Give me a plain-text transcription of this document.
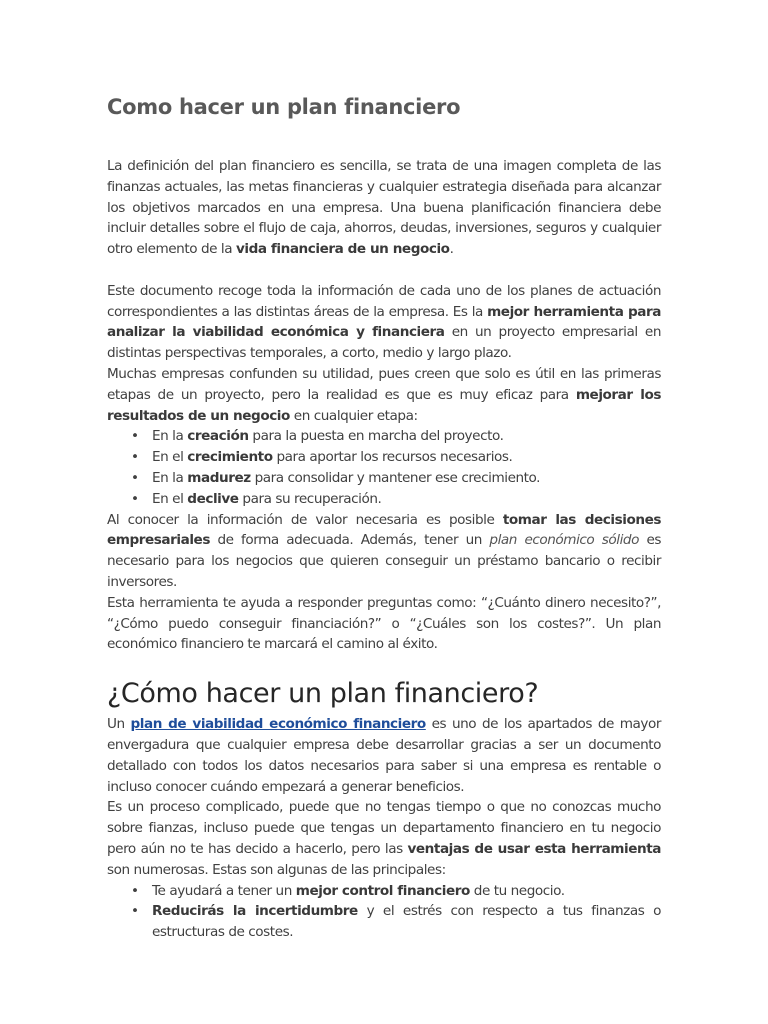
Como hacer un plan financiero

La definición del plan financiero es sencilla, se trata de una imagen completa de las finanzas actuales, las metas financieras y cualquier estrategia diseñada para alcanzar los objetivos marcados en una empresa. Una buena planificación financiera debe incluir detalles sobre el flujo de caja, ahorros, deudas, inversiones, seguros y cualquier otro elemento de la vida financiera de un negocio.

Este documento recoge toda la información de cada uno de los planes de actuación correspondientes a las distintas áreas de la empresa. Es la mejor herramienta para analizar la viabilidad económica y financiera en un proyecto empresarial en distintas perspectivas temporales, a corto, medio y largo plazo.

Muchas empresas confunden su utilidad, pues creen que solo es útil en las primeras etapas de un proyecto, pero la realidad es que es muy eficaz para mejorar los resultados de un negocio en cualquier etapa:

• En la creación para la puesta en marcha del proyecto.
• En el crecimiento para aportar los recursos necesarios.
• En la madurez para consolidar y mantener ese crecimiento.
• En el declive para su recuperación.

Al conocer la información de valor necesaria es posible tomar las decisiones empresariales de forma adecuada. Además, tener un plan económico sólido es necesario para los negocios que quieren conseguir un préstamo bancario o recibir inversores.

Esta herramienta te ayuda a responder preguntas como: “¿Cuánto dinero necesito?”, “¿Cómo puedo conseguir financiación?” o “¿Cuáles son los costes?”. Un plan económico financiero te marcará el camino al éxito.

¿Cómo hacer un plan financiero?

Un plan de viabilidad económico financiero es uno de los apartados de mayor envergadura que cualquier empresa debe desarrollar gracias a ser un documento detallado con todos los datos necesarios para saber si una empresa es rentable o incluso conocer cuándo empezará a generar beneficios.

Es un proceso complicado, puede que no tengas tiempo o que no conozcas mucho sobre fianzas, incluso puede que tengas un departamento financiero en tu negocio pero aún no te has decido a hacerlo, pero las ventajas de usar esta herramienta son numerosas. Estas son algunas de las principales:

• Te ayudará a tener un mejor control financiero de tu negocio.
• Reducirás la incertidumbre y el estrés con respecto a tus finanzas o estructuras de costes.
